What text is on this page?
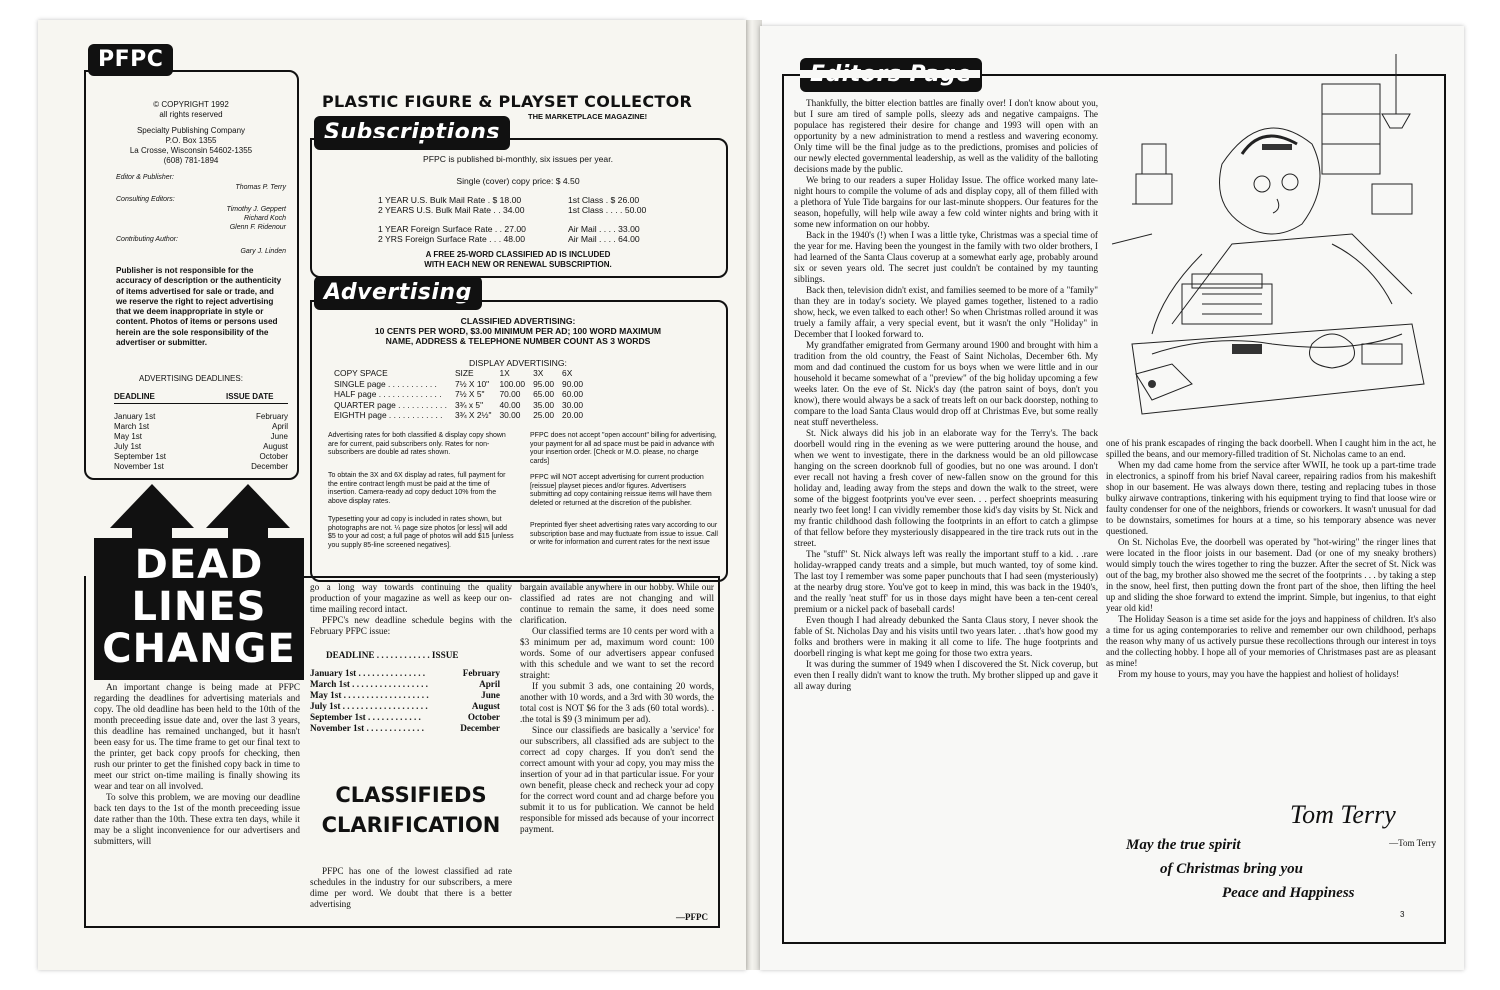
PFPC
© COPYRIGHT 1992
all rights reserved
Specialty Publishing Company
P.O. Box 1355
La Crosse, Wisconsin 54602-1355
(608) 781-1894
Editor & Publisher:
Thomas P. Terry
Consulting Editors:
Timothy J. Geppert
Richard Koch
Glenn F. Ridenour
Contributing Author:
Gary J. Linden
Publisher is not responsible for the accuracy of description or the authenticity of items advertised for sale or trade, and we reserve the right to reject advertising that we deem inappropriate in style or content. Photos of items or persons used herein are the sole responsibility of the advertiser or submitter.
ADVERTISING DEADLINES:
DEADLINE	ISSUE DATE
January 1st	February
March 1st	April
May 1st	June
July 1st	August
September 1st	October
November 1st	December
PLASTIC FIGURE & PLAYSET COLLECTOR
THE MARKETPLACE MAGAZINE!
Subscriptions
PFPC is published bi-monthly, six issues per year.
Single (cover) copy price: $ 4.50
1 YEAR U.S. Bulk Mail Rate . $ 18.00	1st Class . $ 26.00
2 YEARS U.S. Bulk Mail Rate . . 34.00	1st Class . . . . 50.00
1 YEAR Foreign Surface Rate . . 27.00	Air Mail . . . . 33.00
2 YRS Foreign Surface Rate . . . 48.00	Air Mail . . . . 64.00
A FREE 25-WORD CLASSIFIED AD IS INCLUDED
WITH EACH NEW OR RENEWAL SUBSCRIPTION.
Advertising
CLASSIFIED ADVERTISING:
10 CENTS PER WORD, $3.00 MINIMUM PER AD; 100 WORD MAXIMUM
NAME, ADDRESS & TELEPHONE NUMBER COUNT AS 3 WORDS
DISPLAY ADVERTISING:
COPY SPACE	SIZE	1X	3X	6X
SINGLE page . . . . . . . . . . .	7½ X 10"	100.00	95.00	90.00
HALF page . . . . . . . . . . . . . .	7½ X 5"	70.00	65.00	60.00
QUARTER page . . . . . . . . . . .	3¾ x 5"	40.00	35.00	30.00
EIGHTH page . . . . . . . . . . . .	3¾ X 2½"	30.00	25.00	20.00
Advertising rates for both classified & display copy shown are for current, paid subscribers only. Rates for non-subscribers are double ad rates shown.
To obtain the 3X and 6X display ad rates, full payment for the entire contract length must be paid at the time of insertion. Camera-ready ad copy deduct 10% from the above display rates.
Typesetting your ad copy is included in rates shown, but photographs are not. ¼ page size photos [or less] will add $5 to your ad cost; a full page of photos will add $15 [unless you supply 85-line screened negatives].
PFPC does not accept "open account" billing for advertising, your payment for all ad space must be paid in advance with your insertion order. [Check or M.O. please, no charge cards]
PFPC will NOT accept advertising for current production [reissue] playset pieces and/or figures. Advertisers submitting ad copy containing reissue items will have them deleted or returned at the discretion of the publisher.
Preprinted flyer sheet advertising rates vary according to our subscription base and may fluctuate from issue to issue. Call or write for information and current rates for the next issue
DEAD
LINES
CHANGE

An important change is being made at PFPC regarding the deadlines for advertising materials and copy. The old deadline has been held to the 10th of the month preceeding issue date and, over the last 3 years, this deadline has remained unchanged, but it hasn't been easy for us. The time frame to get our final text to the printer, get back copy proofs for checking, then rush our printer to get the finished copy back in time to meet our strict on-time mailing is finally showing its wear and tear on all involved.

To solve this problem, we are moving our deadline back ten days to the 1st of the month preceeding issue date rather than the 10th. These extra ten days, while it may be a slight inconvenience for our advertisers and submitters, will

go a long way towards continuing the quality production of your magazine as well as keep our on-time mailing record intact.

PFPC's new deadline schedule begins with the February PFPC issue:

DEADLINE . . . . . . . . . . . . ISSUE
January 1st . . . . . . . . . . . . . . .	February
March 1st . . . . . . . . . . . . . . . . .	April
May 1st . . . . . . . . . . . . . . . . . . .	June
July 1st . . . . . . . . . . . . . . . . . . .	August
September 1st . . . . . . . . . . . .	October
November 1st . . . . . . . . . . . . .	December
CLASSIFIEDS
CLARIFICATION

PFPC has one of the lowest classified ad rate schedules in the industry for our subscribers, a mere dime per word. We doubt that there is a better advertising

bargain available anywhere in our hobby. While our classified ad rates are not changing and will continue to remain the same, it does need some clarification.

Our classified terms are 10 cents per word with a $3 minimum per ad, maximum word count: 100 words. Some of our advertisers appear confused with this schedule and we want to set the record straight:

If you submit 3 ads, one containing 20 words, another with 10 words, and a 3rd with 30 words, the total cost is NOT $6 for the 3 ads (60 total words). . .the total is $9 (3 minimum per ad).

Since our classifieds are basically a 'service' for our subscribers, all classified ads are subject to the correct ad copy charges. If you don't send the correct amount with your ad copy, you may miss the insertion of your ad in that particular issue. For your own benefit, please check and recheck your ad copy for the correct word count and ad charge before you submit it to us for publication. We cannot be held responsible for missed ads because of your incorrect payment.

—PFPC

Thankfully, the bitter election battles are finally over! I don't know about you, but I sure am tired of sample polls, sleezy ads and negative campaigns. The populace has registered their desire for change and 1993 will open with an opportunity by a new administration to mend a restless and wavering economy. Only time will be the final judge as to the predictions, promises and policies of our newly elected governmental leadership, as well as the validity of the balloting decisions made by the public.

We bring to our readers a super Holiday Issue. The office worked many late-night hours to compile the volume of ads and display copy, all of them filled with a plethora of Yule Tide bargains for our last-minute shoppers. Our features for the season, hopefully, will help wile away a few cold winter nights and bring with it some new information on our hobby.

Back in the 1940's (!) when I was a little tyke, Christmas was a special time of the year for me. Having been the youngest in the family with two older brothers, I had learned of the Santa Claus coverup at a somewhat early age, probably around six or seven years old. The secret just couldn't be contained by my taunting siblings.

Back then, television didn't exist, and families seemed to be more of a "family" than they are in today's society. We played games together, listened to a radio show, heck, we even talked to each other! So when Christmas rolled around it was truely a family affair, a very special event, but it wasn't the only "Holiday" in December that I looked forward to.

My grandfather emigrated from Germany around 1900 and brought with him a tradition from the old country, the Feast of Saint Nicholas, December 6th. My mom and dad continued the custom for us boys when we were little and in our household it became somewhat of a "preview" of the big holiday upcoming a few weeks later. On the eve of St. Nick's day (the patron saint of boys, don't you know), there would always be a sack of treats left on our back doorstep, nothing to compare to the load Santa Claus would drop off at Christmas Eve, but some really neat stuff nevertheless.

St. Nick always did his job in an elaborate way for the Terry's. The back doorbell would ring in the evening as we were puttering around the house, and when we went to investigate, there in the darkness would be an old pillowcase hanging on the screen doorknob full of goodies, but no one was around. I don't ever recall not having a fresh cover of new-fallen snow on the ground for this holiday and, leading away from the steps and down the walk to the street, were some of the biggest footprints you've ever seen. . . perfect shoeprints measuring nearly two feet long! I can vividly remember those kid's day visits by St. Nick and my frantic childhood dash following the footprints in an effort to catch a glimpse of that fellow before they mysteriously disappeared in the tire track ruts out in the street.

The "stuff" St. Nick always left was really the important stuff to a kid. . .rare holiday-wrapped candy treats and a simple, but much wanted, toy of some kind. The last toy I remember was some paper punchouts that I had seen (mysteriously) at the nearby drug store. You've got to keep in mind, this was back in the 1940's, and the really 'neat stuff' for us in those days might have been a ten-cent cereal premium or a nickel pack of baseball cards!

Even though I had already debunked the Santa Claus story, I never shook the fable of St. Nicholas Day and his visits until two years later. . .that's how good my folks and brothers were in making it all come to life. The huge footprints and doorbell ringing is what kept me going for those two extra years.

It was during the summer of 1949 when I discovered the St. Nick coverup, but even then I really didn't want to know the truth. My brother slipped up and gave it all away during

one of his prank escapades of ringing the back doorbell. When I caught him in the act, he spilled the beans, and our memory-filled tradition of St. Nicholas came to an end.

When my dad came home from the service after WWII, he took up a part-time trade in electronics, a spinoff from his brief Naval career, repairing radios from his makeshift shop in our basement. He was always down there, testing and replacing tubes in those bulky airwave contraptions, tinkering with his equipment trying to find that loose wire or faulty condenser for one of the neighbors, friends or coworkers. It wasn't unusual for dad to be downstairs, sometimes for hours at a time, so his temporary absence was never questioned.

On St. Nicholas Eve, the doorbell was operated by "hot-wiring" the ringer lines that were located in the floor joists in our basement. Dad (or one of my sneaky brothers) would simply touch the wires together to ring the buzzer. After the secret of St. Nick was out of the bag, my brother also showed me the secret of the footprints . . . by taking a step in the snow, heel first, then putting down the front part of the shoe, then lifting the heel up and sliding the shoe forward to extend the imprint. Simple, but ingenius, to that eight year old kid!

The Holiday Season is a time set aside for the joys and happiness of children. It's also a time for us aging contemporaries to relive and remember our own childhood, perhaps the reason why many of us actively pursue these recollections through our interest in toys and the collecting hobby. I hope all of your memories of Christmases past are as pleasant as mine!

From my house to yours, may you have the happiest and holiest of holidays!

Tom Terry
—Tom Terry
May the true spirit
of Christmas bring you
Peace and Happiness
3
